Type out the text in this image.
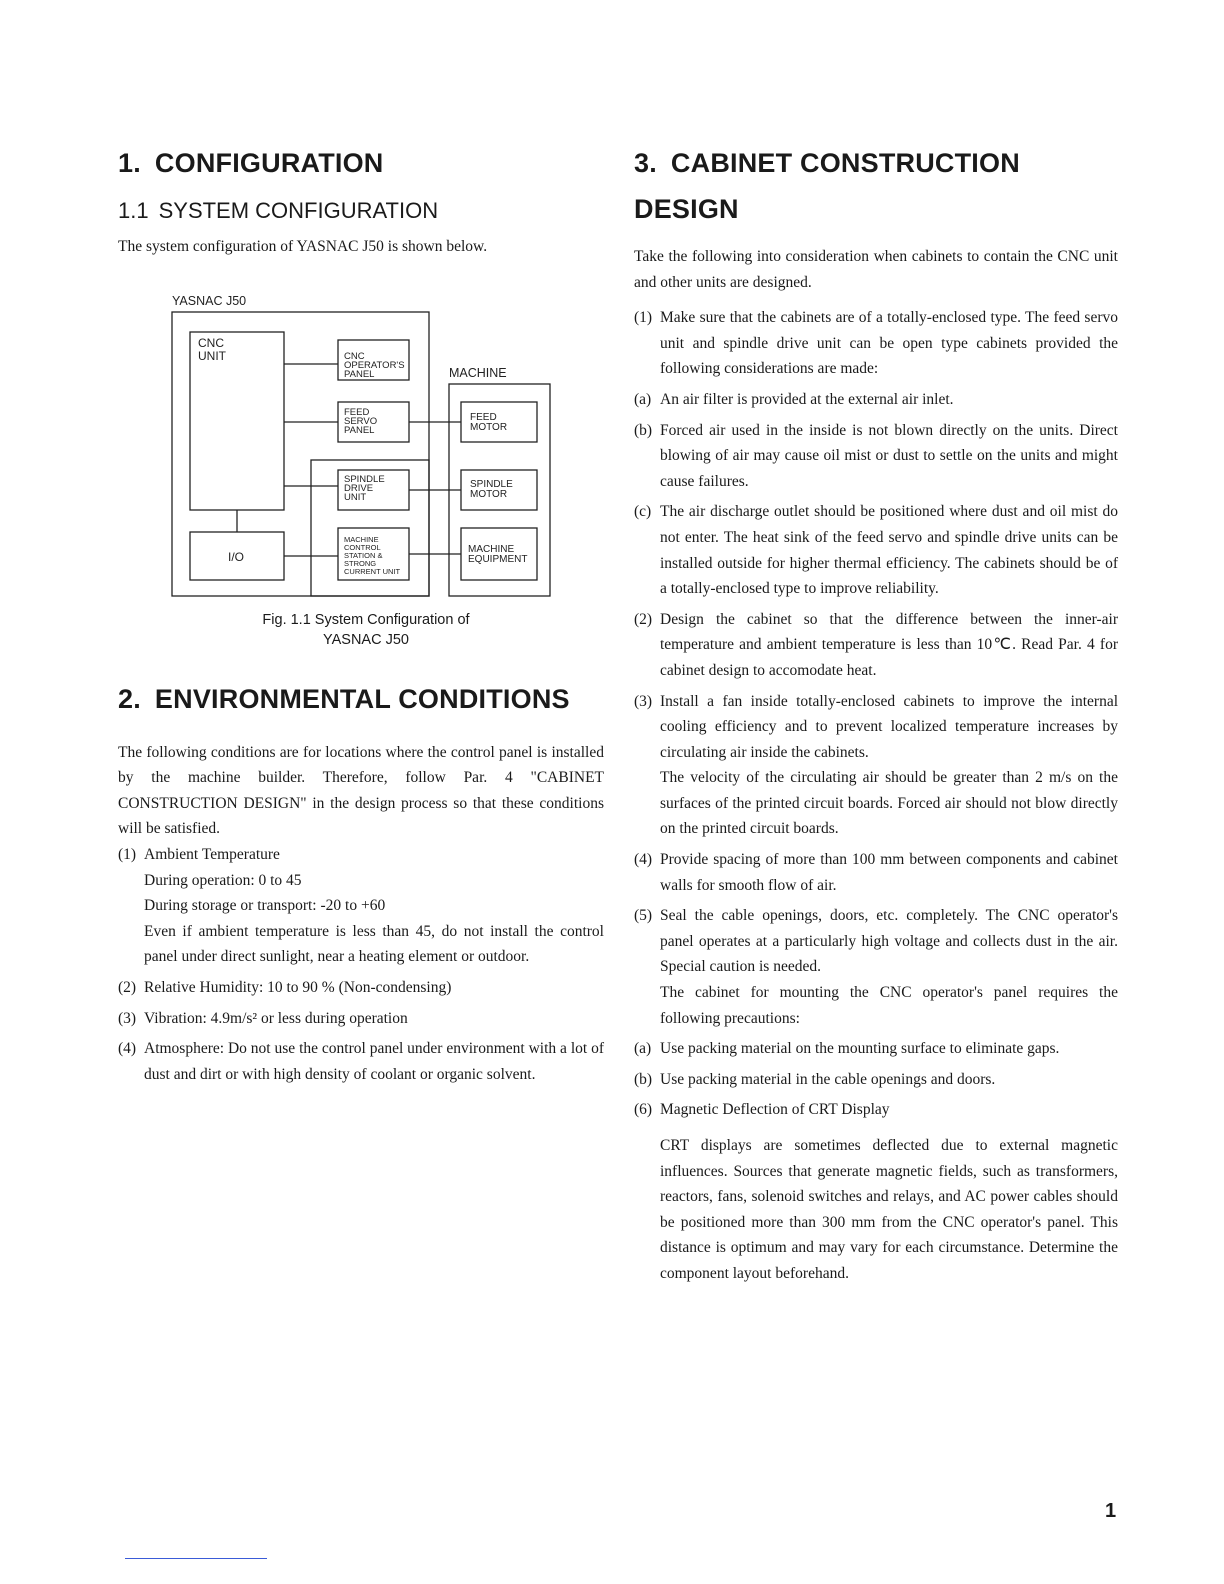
1. CONFIGURATION
1.1 SYSTEM CONFIGURATION

The system configuration of YASNAC J50 is shown below.

YASNAC J50
MACHINE
CNC
UNIT
I/O
CNC
OPERATOR'S
PANEL
FEED
SERVO
PANEL
SPINDLE
DRIVE
UNIT
MACHINE
CONTROL
STATION &
STRONG
CURRENT UNIT
FEED
MOTOR
SPINDLE
MOTOR
MACHINE
EQUIPMENT
Fig. 1.1 System Configuration of
YASNAC J50
2. ENVIRONMENTAL CONDITIONS

The following conditions are for locations where the control panel is installed by the machine builder. Therefore, follow Par. 4 "CABINET CONSTRUCTION DESIGN" in the design process so that these conditions will be satisfied.

(1) Ambient Temperature

During operation: 0 to 45

During storage or transport: -20 to +60

Even if ambient temperature is less than 45, do not install the control panel under direct sunlight, near a heating element or outdoor.

(2) Relative Humidity: 10 to 90 % (Non-condensing)
(3) Vibration: 4.9m/s² or less during operation
(4) Atmosphere: Do not use the control panel under environment with a lot of dust and dirt or with high density of coolant or organic solvent.
3. CABINET CONSTRUCTION DESIGN

Take the following into consideration when cabinets to contain the CNC unit and other units are designed.

(1) Make sure that the cabinets are of a totally-enclosed type. The feed servo unit and spindle drive unit can be open type cabinets provided the following considerations are made:
(a) An air filter is provided at the external air inlet.
(b) Forced air used in the inside is not blown directly on the units. Direct blowing of air may cause oil mist or dust to settle on the units and might cause failures.
(c) The air discharge outlet should be positioned where dust and oil mist do not enter. The heat sink of the feed servo and spindle drive units can be installed outside for higher thermal efficiency. The cabinets should be of a totally-enclosed type to improve reliability.
(2) Design the cabinet so that the difference between the inner-air temperature and ambient temperature is less than 10℃. Read Par. 4 for cabinet design to accomodate heat.
(3) Install a fan inside totally-enclosed cabinets to improve the internal cooling efficiency and to prevent localized temperature increases by circulating air inside the cabinets.

The velocity of the circulating air should be greater than 2 m/s on the surfaces of the printed circuit boards. Forced air should not blow directly on the printed circuit boards.

(4) Provide spacing of more than 100 mm between components and cabinet walls for smooth flow of air.
(5) Seal the cable openings, doors, etc. completely. The CNC operator's panel operates at a particularly high voltage and collects dust in the air. Special caution is needed.

The cabinet for mounting the CNC operator's panel requires the following precautions:

(a) Use packing material on the mounting surface to eliminate gaps.
(b) Use packing material in the cable openings and doors.
(6) Magnetic Deflection of CRT Display

CRT displays are sometimes deflected due to external magnetic influences. Sources that generate magnetic fields, such as transformers, reactors, fans, solenoid switches and relays, and AC power cables should be positioned more than 300 mm from the CNC operator's panel. This distance is optimum and may vary for each circumstance. Determine the component layout beforehand.

1
